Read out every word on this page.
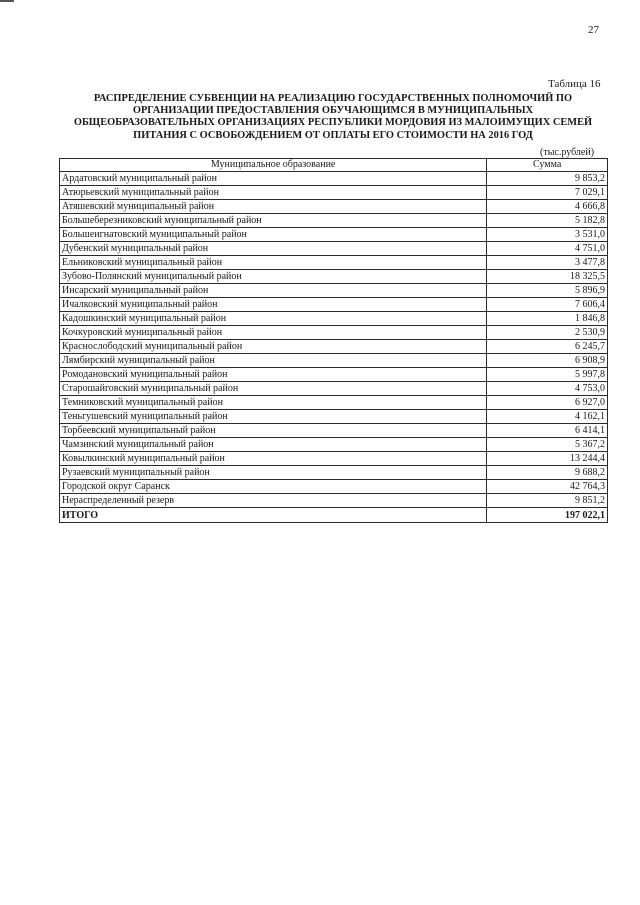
27
Таблица 16
РАСПРЕДЕЛЕНИЕ СУБВЕНЦИИ НА РЕАЛИЗАЦИЮ ГОСУДАРСТВЕННЫХ ПОЛНОМОЧИЙ ПО
ОРГАНИЗАЦИИ ПРЕДОСТАВЛЕНИЯ ОБУЧАЮЩИМСЯ В МУНИЦИПАЛЬНЫХ
ОБЩЕОБРАЗОВАТЕЛЬНЫХ ОРГАНИЗАЦИЯХ РЕСПУБЛИКИ МОРДОВИЯ ИЗ МАЛОИМУЩИХ СЕМЕЙ
ПИТАНИЯ С ОСВОБОЖДЕНИЕМ ОТ ОПЛАТЫ ЕГО СТОИМОСТИ НА 2016 ГОД
(тыс.рублей)
Муниципальное образование	Сумма
Ардатовский муниципальный район	9 853,2
Атюрьевский муниципальный район	7 029,1
Атяшевский муниципальный район	4 666,8
Большеберезниковский муниципальный район	5 182,8
Большеигнатовский муниципальный район	3 531,0
Дубенский муниципальный район	4 751,0
Ельниковский муниципальный район	3 477,8
Зубово-Полянский муниципальный район	18 325,5
Инсарский муниципальный район	5 896,9
Ичалковский муниципальный район	7 606,4
Кадошкинский муниципальный район	1 846,8
Кочкуровский муниципальный район	2 530,9
Краснослободский муниципальный район	6 245,7
Лямбирский муниципальный район	6 908,9
Ромодановский муниципальный район	5 997,8
Старошайговский муниципальный район	4 753,0
Темниковский муниципальный район	6 927,0
Теньгушевский муниципальный район	4 162,1
Торбеевский муниципальный район	6 414,1
Чамзинский муниципальный район	5 367,2
Ковылкинский муниципальный район	13 244,4
Рузаевский муниципальный район	9 688,2
Городской округ Саранск	42 764,3
Нераспределенный резерв	9 851,2
ИТОГО	197 022,1
